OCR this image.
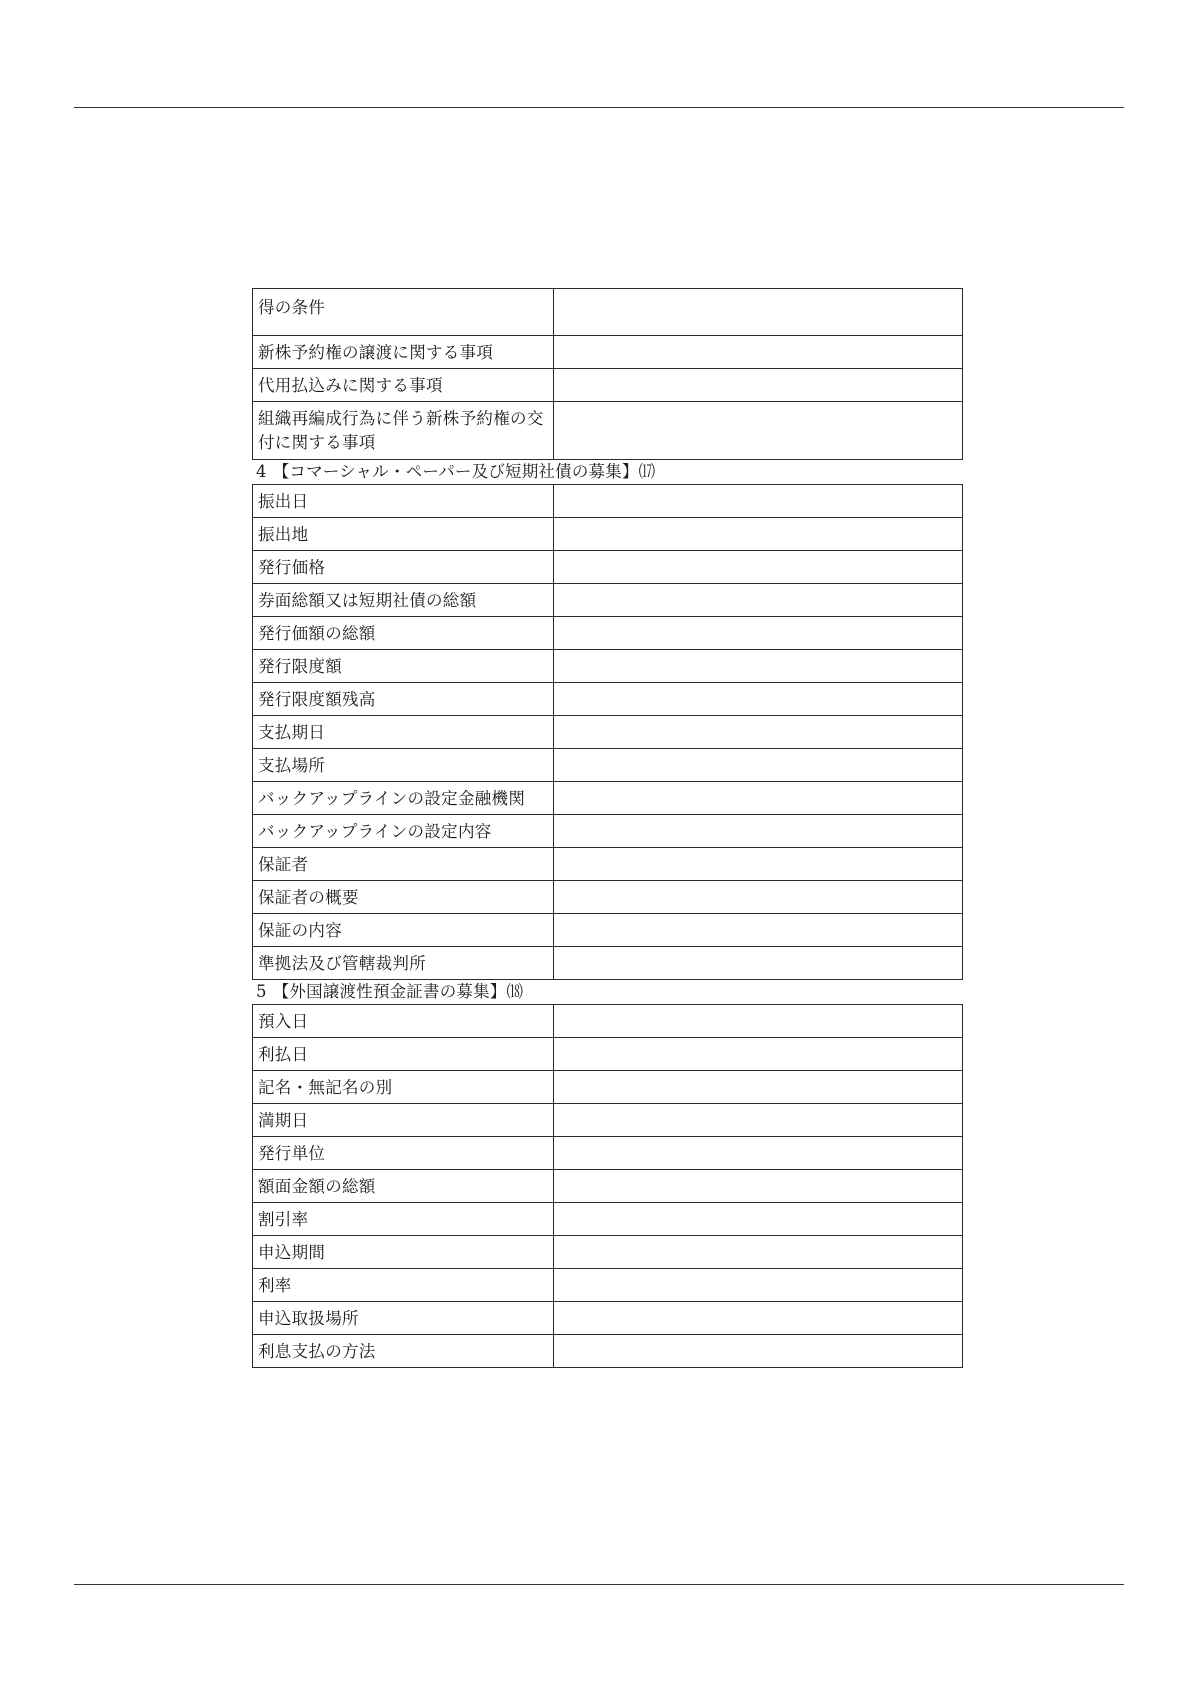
得の条件	
新株予約権の譲渡に関する事項	
代用払込みに関する事項	
組織再編成行為に伴う新株予約権の交付に関する事項	
4 【コマーシャル・ペーパー及び短期社債の募集】⒄
振出日	
振出地	
発行価格	
券面総額又は短期社債の総額	
発行価額の総額	
発行限度額	
発行限度額残高	
支払期日	
支払場所	
バックアップラインの設定金融機関	
バックアップラインの設定内容	
保証者	
保証者の概要	
保証の内容	
準拠法及び管轄裁判所	
5 【外国譲渡性預金証書の募集】⒅
預入日	
利払日	
記名・無記名の別	
満期日	
発行単位	
額面金額の総額	
割引率	
申込期間	
利率	
申込取扱場所	
利息支払の方法	
